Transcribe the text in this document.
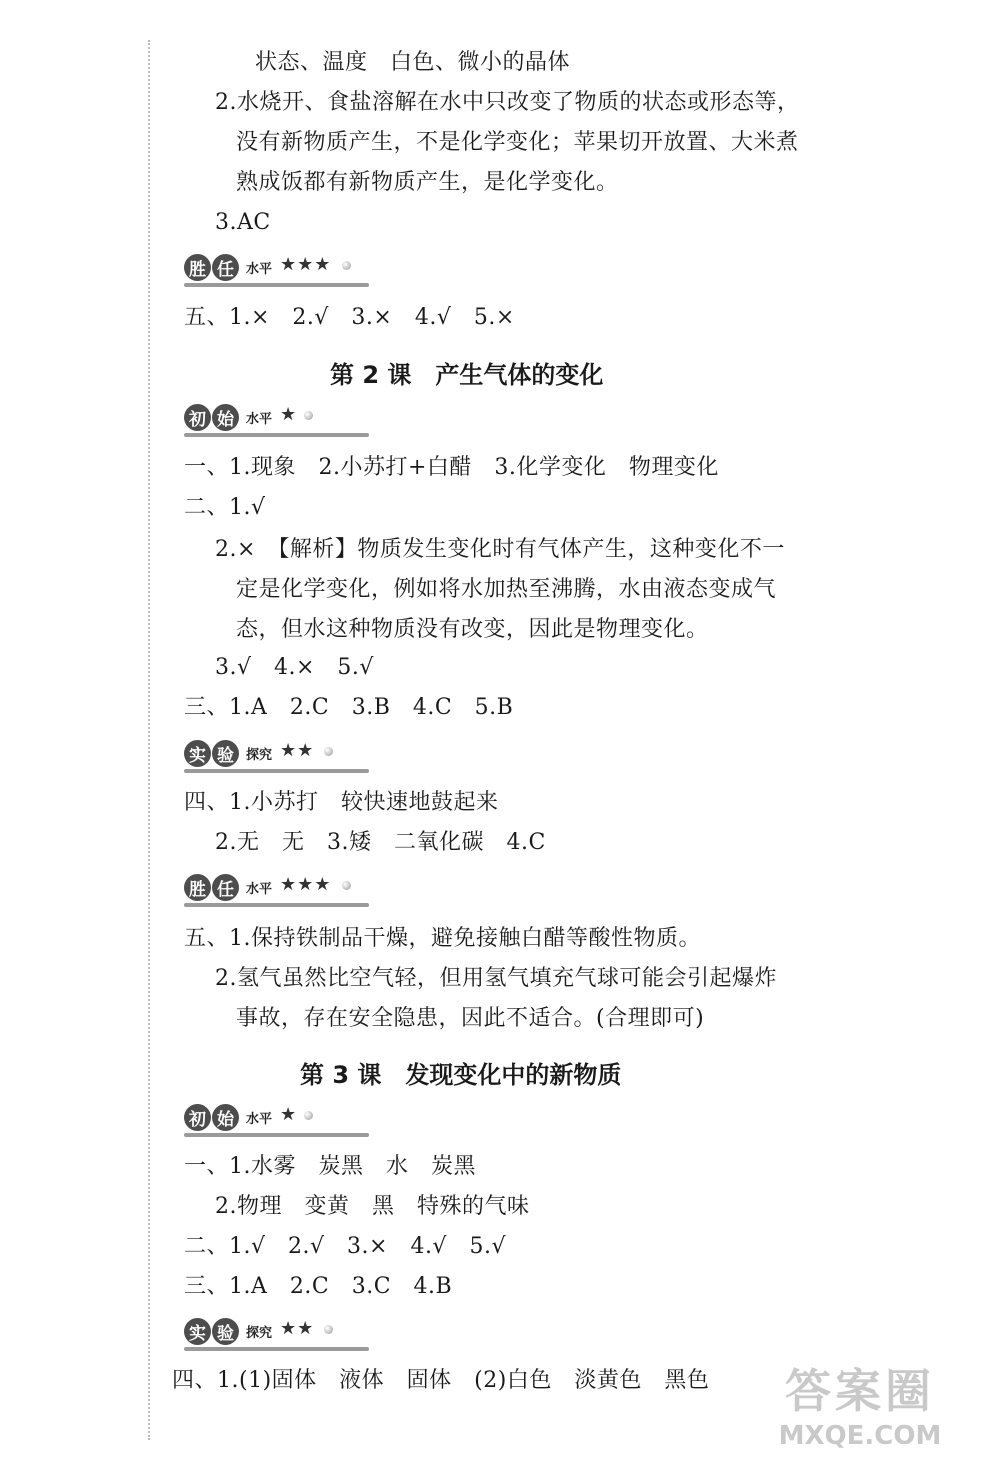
状态、温度　白色、微小的晶体
2.水烧开、食盐溶解在水中只改变了物质的状态或形态等，
没有新物质产生，不是化学变化；苹果切开放置、大米煮
熟成饭都有新物质产生，是化学变化。
3.AC
胜 任 水平 ★★★
五、1.×　2.√　3.×　4.√　5.×
第 2 课　产生气体的变化
初 始 水平 ★
一、1.现象　2.小苏打+白醋　3.化学变化　物理变化
二、1.√
2.×　【解析】物质发生变化时有气体产生，这种变化不一
定是化学变化，例如将水加热至沸腾，水由液态变成气
态，但水这种物质没有改变，因此是物理变化。
3.√　4.×　5.√
三、1.A　2.C　3.B　4.C　5.B
实 验 探究 ★★
四、1.小苏打　较快速地鼓起来
2.无　无　3.矮　二氧化碳　4.C
胜 任 水平 ★★★
五、1.保持铁制品干燥，避免接触白醋等酸性物质。
2.氢气虽然比空气轻，但用氢气填充气球可能会引起爆炸
事故，存在安全隐患，因此不适合。(合理即可)
第 3 课　发现变化中的新物质
初 始 水平 ★
一、1.水雾　炭黑　水　炭黑
2.物理　变黄　黑　特殊的气味
二、1.√　2.√　3.×　4.√　5.√
三、1.A　2.C　3.C　4.B
实 验 探究 ★★
四、1.(1)固体　液体　固体　(2)白色　淡黄色　黑色	答案圈
MXQE.COM
